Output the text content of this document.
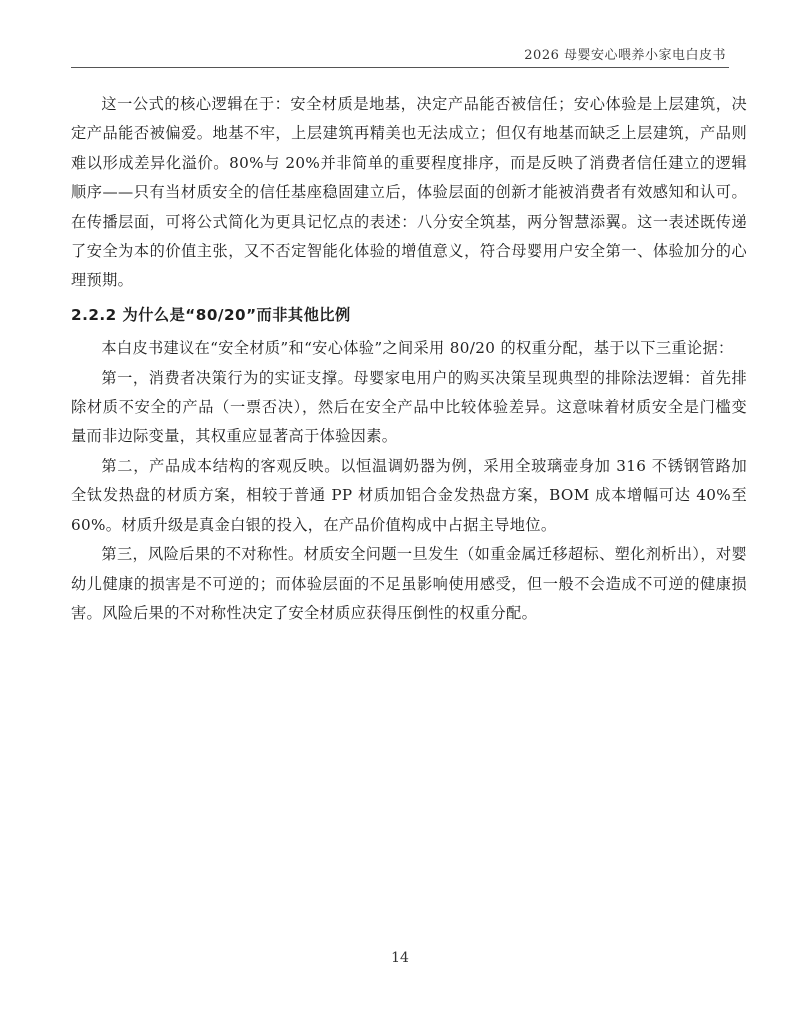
2026 母婴安心喂养小家电白皮书

这一公式的核心逻辑在于：安全材质是地基，决定产品能否被信任；安心体验是上层建筑，决定产品能否被偏爱。地基不牢，上层建筑再精美也无法成立；但仅有地基而缺乏上层建筑，产品则难以形成差异化溢价。80%与 20%并非简单的重要程度排序，而是反映了消费者信任建立的逻辑顺序——只有当材质安全的信任基座稳固建立后，体验层面的创新才能被消费者有效感知和认可。在传播层面，可将公式简化为更具记忆点的表述：八分安全筑基，两分智慧添翼。这一表述既传递了安全为本的价值主张，又不否定智能化体验的增值意义，符合母婴用户安全第一、体验加分的心理预期。

2.2.2 为什么是“80/20”而非其他比例

本白皮书建议在“安全材质”和“安心体验”之间采用 80/20 的权重分配，基于以下三重论据：

第一，消费者决策行为的实证支撑。母婴家电用户的购买决策呈现典型的排除法逻辑：首先排除材质不安全的产品（一票否决），然后在安全产品中比较体验差异。这意味着材质安全是门槛变量而非边际变量，其权重应显著高于体验因素。

第二，产品成本结构的客观反映。以恒温调奶器为例，采用全玻璃壶身加 316 不锈钢管路加全钛发热盘的材质方案，相较于普通 PP 材质加铝合金发热盘方案，BOM 成本增幅可达 40%至 60%。材质升级是真金白银的投入，在产品价值构成中占据主导地位。

第三，风险后果的不对称性。材质安全问题一旦发生（如重金属迁移超标、塑化剂析出），对婴幼儿健康的损害是不可逆的；而体验层面的不足虽影响使用感受，但一般不会造成不可逆的健康损害。风险后果的不对称性决定了安全材质应获得压倒性的权重分配。

14
